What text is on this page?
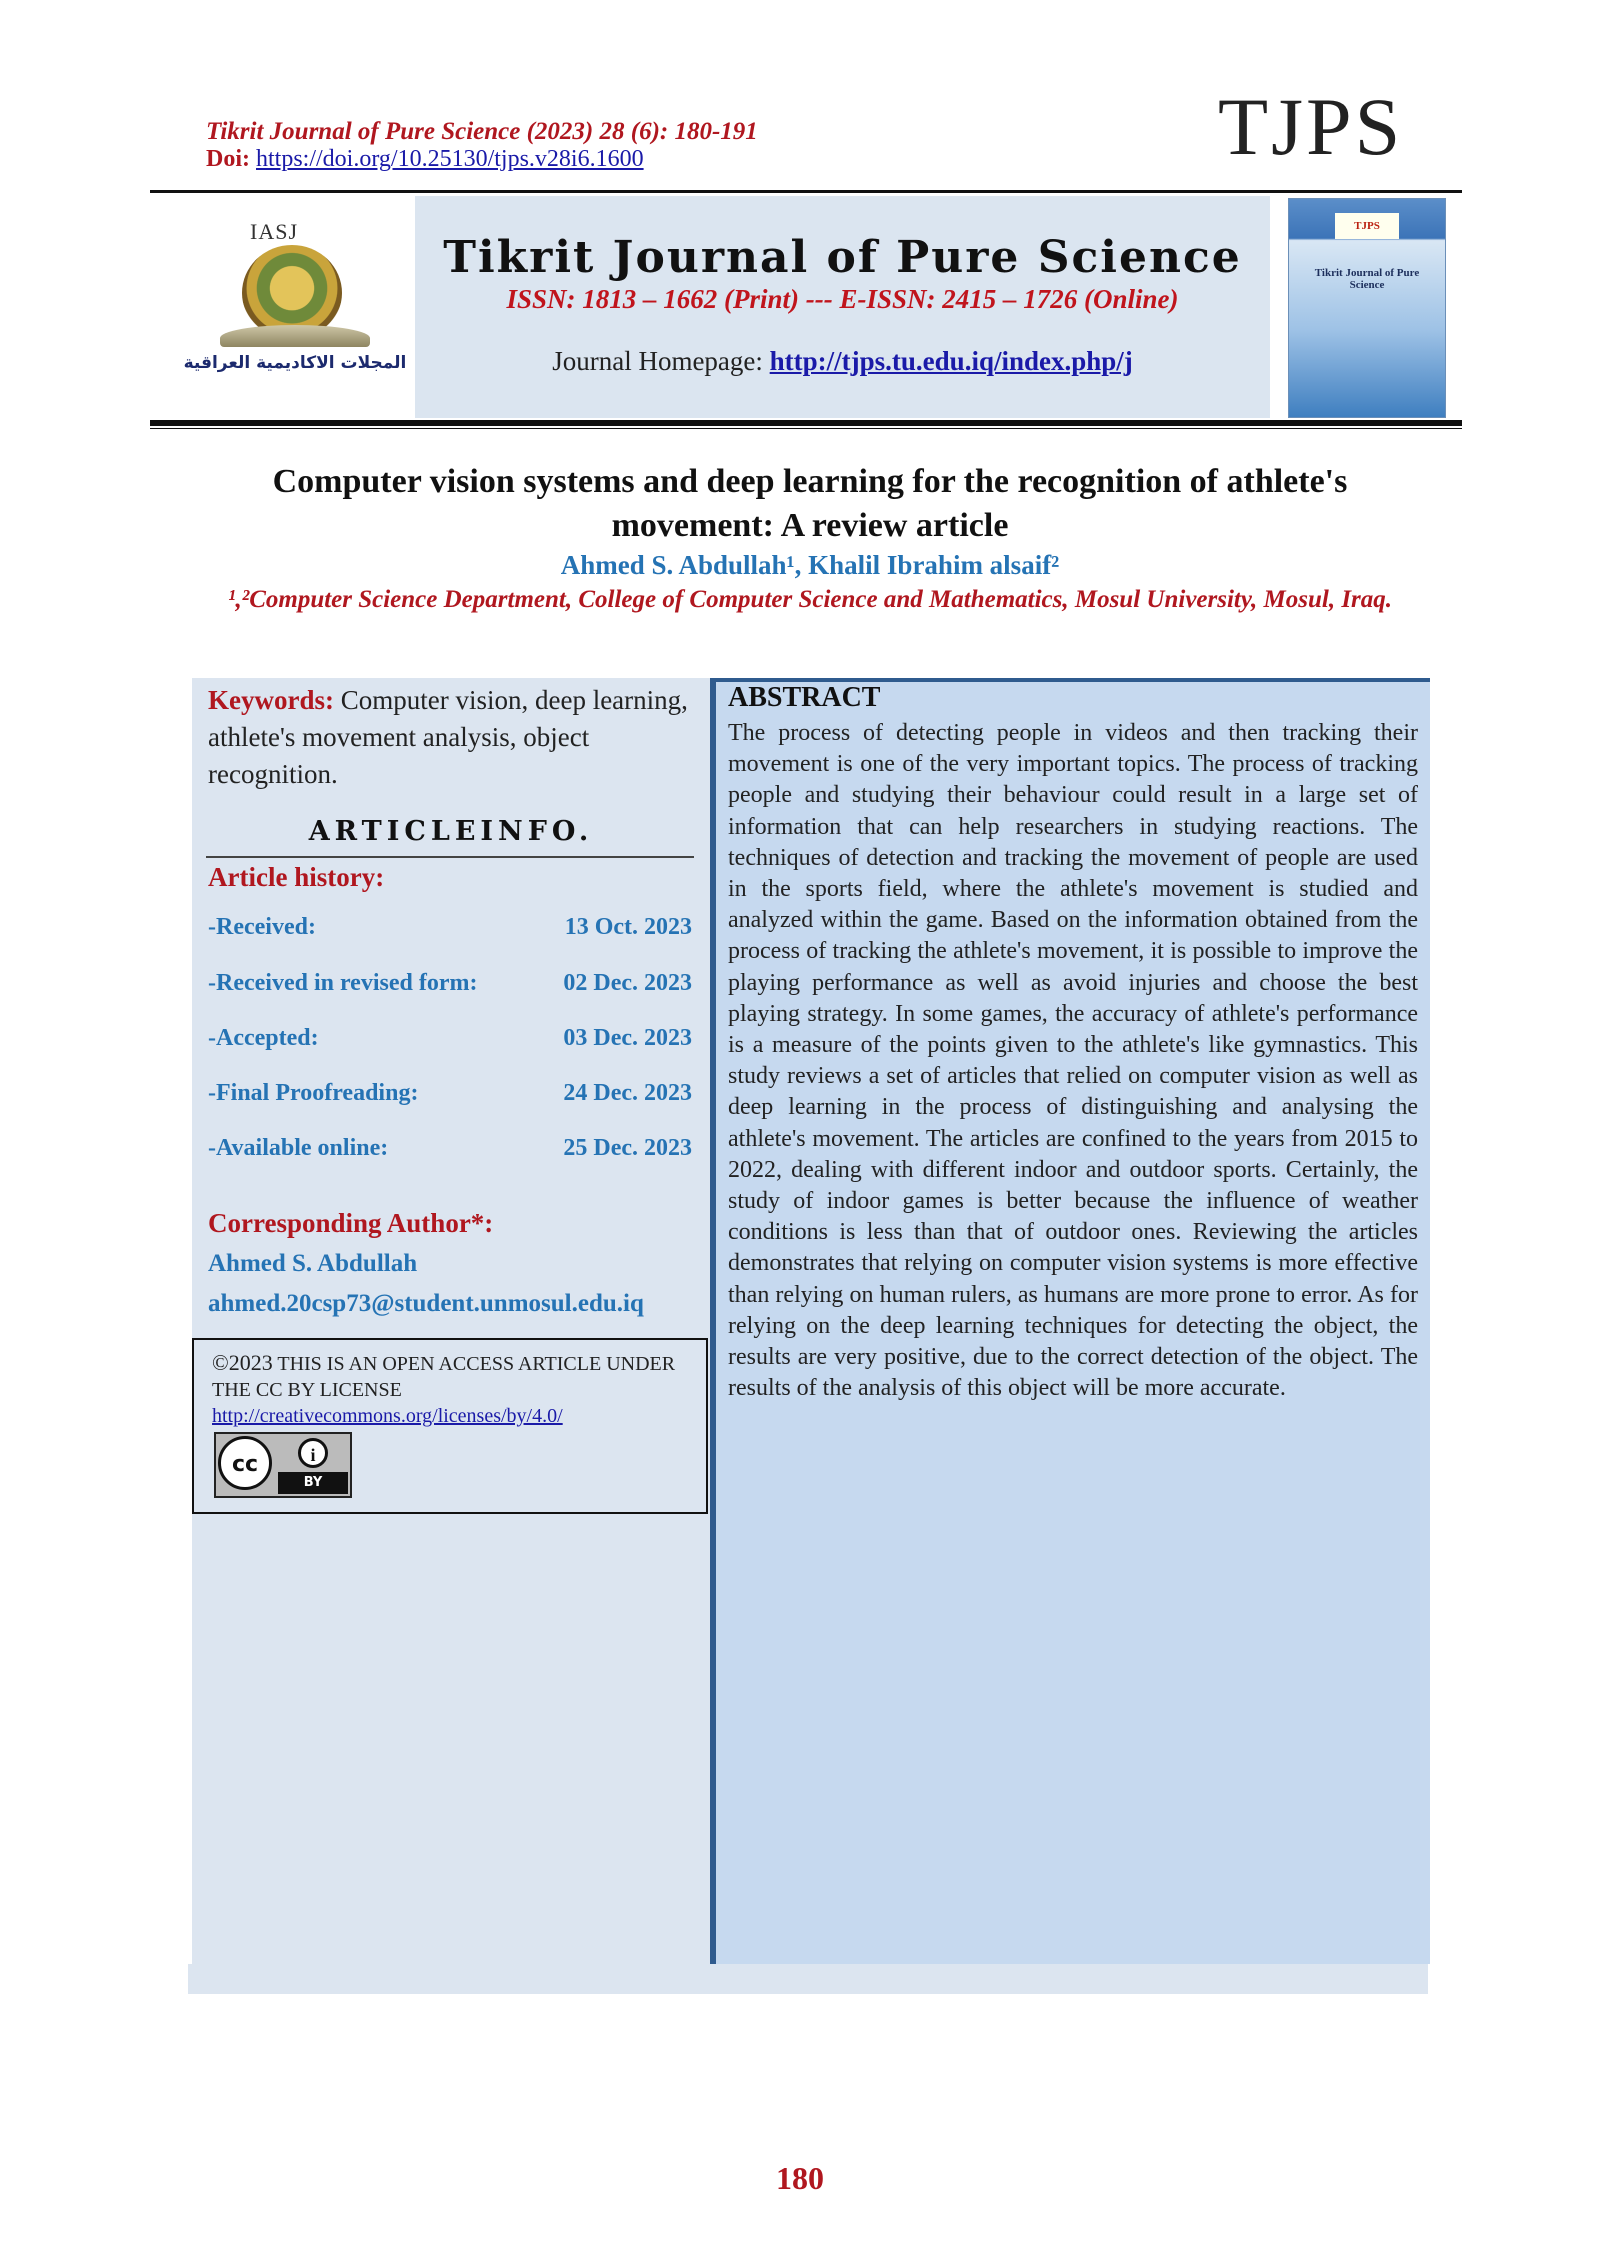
Tikrit Journal of Pure Science (2023) 28 (6): 180-191
Doi: https://doi.org/10.25130/tjps.v28i6.1600	TJPS
IASJ
المجلات الاكاديمية العراقية
Tikrit Journal of Pure Science
ISSN: 1813 – 1662 (Print) --- E-ISSN: 2415 – 1726 (Online)
Journal Homepage: http://tjps.tu.edu.iq/index.php/j
TJPS
Tikrit Journal of Pure Science
Computer vision systems and deep learning for the recognition of athlete's movement: A review article
Ahmed S. Abdullah¹, Khalil Ibrahim alsaif²
¹,²Computer Science Department, College of Computer Science and Mathematics, Mosul University, Mosul, Iraq.
Keywords: Computer vision, deep learning, athlete's movement analysis, object recognition.
ARTICLEINFO.
Article history:
-Received:	13 Oct. 2023
-Received in revised form:	02 Dec. 2023
-Accepted:	03 Dec. 2023
-Final Proofreading:	24 Dec. 2023
-Available online:	25 Dec. 2023
Corresponding Author*:
Ahmed S. Abdullah
ahmed.20csp73@student.unmosul.edu.iq
©2023 THIS IS AN OPEN ACCESS ARTICLE UNDER THE CC BY LICENSE
http://creativecommons.org/licenses/by/4.0/
cc	i
BY
ABSTRACT
The process of detecting people in videos and then tracking their movement is one of the very important topics. The process of tracking people and studying their behaviour could result in a large set of information that can help researchers in studying reactions. The techniques of detection and tracking the movement of people are used in the sports field, where the athlete's movement is studied and analyzed within the game. Based on the information obtained from the process of tracking the athlete's movement, it is possible to improve the playing performance as well as avoid injuries and choose the best playing strategy. In some games, the accuracy of athlete's performance is a measure of the points given to the athlete's like gymnastics. This study reviews a set of articles that relied on computer vision as well as deep learning in the process of distinguishing and analysing the athlete's movement. The articles are confined to the years from 2015 to 2022, dealing with different indoor and outdoor sports. Certainly, the study of indoor games is better because the influence of weather conditions is less than that of outdoor ones. Reviewing the articles demonstrates that relying on computer vision systems is more effective than relying on human rulers, as humans are more prone to error. As for relying on the deep learning techniques for detecting the object, the results are very positive, due to the correct detection of the object. The results of the analysis of this object will be more accurate.
180
